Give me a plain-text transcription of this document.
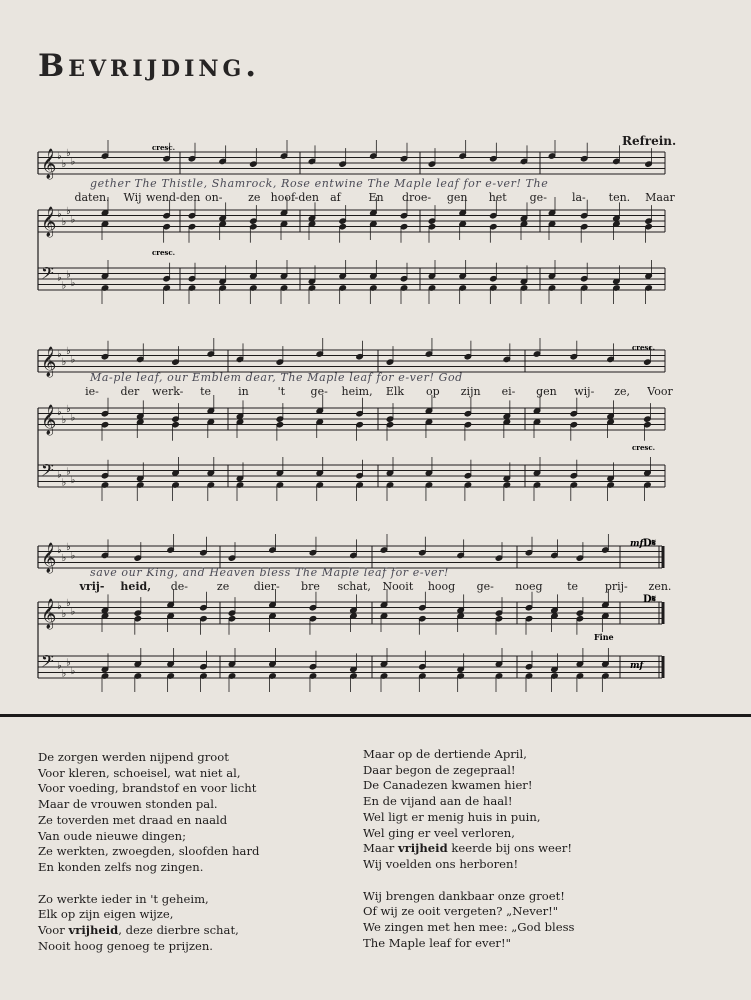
Bevrijding.
Refrein.
𝄞 ♭
♭
♭
♭
𝄞 ♭
♭
♭
♭
𝄢 ♭
♭
♭
♭
𝄞 ♭
♭
♭
♭
𝄞 ♭
♭
♭
♭
𝄢 ♭
♭
♭
♭
𝄞 ♭
♭
♭
♭
𝄞 ♭
♭
♭
♭
𝄢 ♭
♭
♭
♭
cresc.
cresc.
cresc.
cresc.
Fine
mf D𝄋
D𝄋
mf
daten. Wij wend-den on- ze hoof-den af	En droe- gen het ge- la- ten. Maar
gether The Thistle, Shamrock, Rose entwine The Maple leaf for e-ver! The
ie- der werk- te in	't ge- heim, Elk op zijn ei- gen wij- ze, Voor
Ma-ple leaf, our Emblem dear, The Maple leaf for e-ver! God
vrij- heid, de-	ze dier- bre schat, Nooit hoog ge- noeg te prij- zen.
save our King, and Heaven bless The Maple leaf for e-ver!

De zorgen werden nijpend groot

Voor kleren, schoeisel, wat niet al,

Voor voeding, brandstof en voor licht

Maar de vrouwen stonden pal.

Ze toverden met draad en naald

Van oude nieuwe dingen;

Ze werkten, zwoegden, sloofden hard

En konden zelfs nog zingen.

Zo werkte ieder in 't geheim,

Elk op zijn eigen wijze,

Voor vrijheid, deze dierbre schat,

Nooit hoog genoeg te prijzen.

Maar op de dertiende April,

Daar begon de zegepraal!

De Canadezen kwamen hier!

En de vijand aan de haal!

Wel ligt er menig huis in puin,

Wel ging er veel verloren,

Maar vrijheid keerde bij ons weer!

Wij voelden ons herboren!

Wij brengen dankbaar onze groet!

Of wij ze ooit vergeten? „Never!"

We zingen met hen mee: „God bless

The Maple leaf for ever!"
